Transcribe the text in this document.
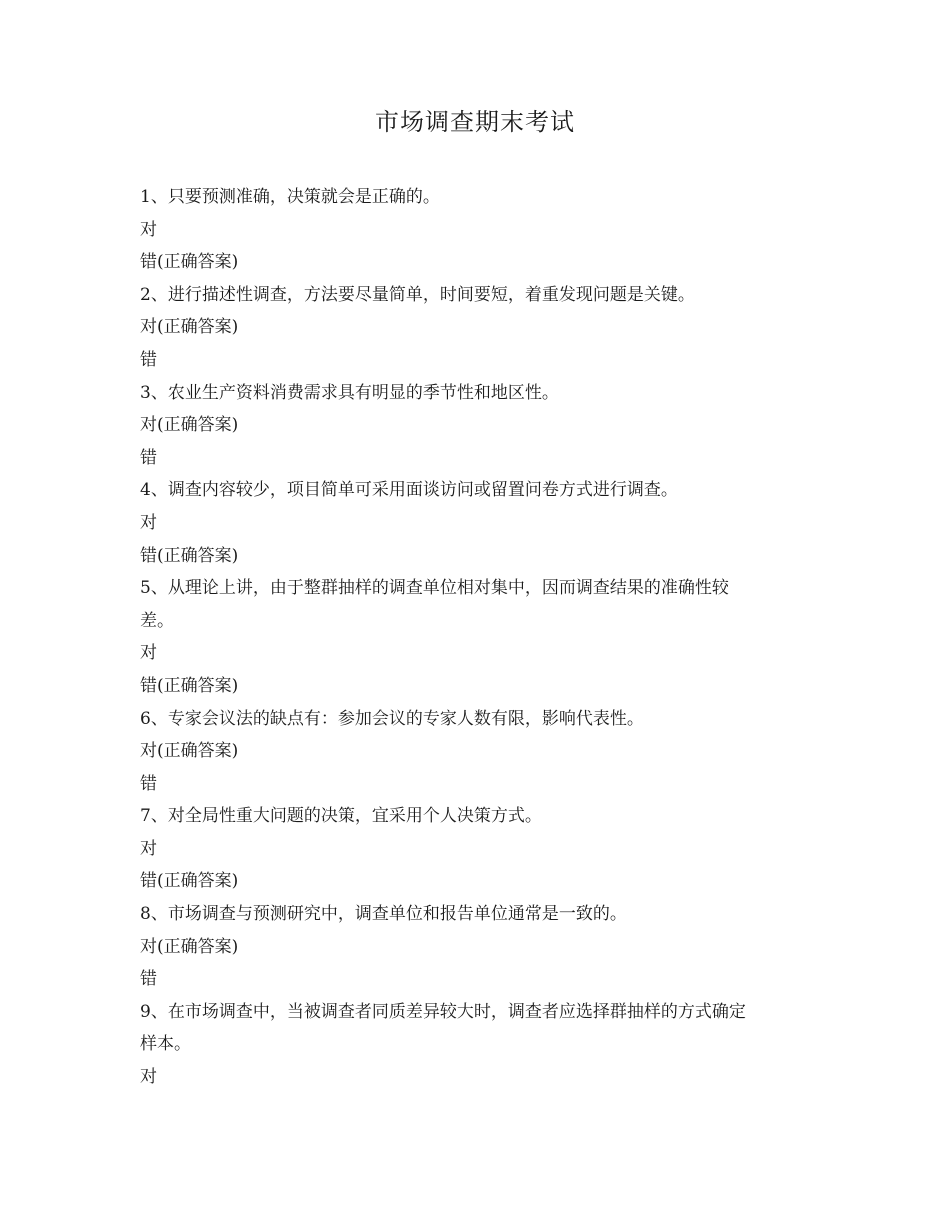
市场调查期末考试
1、只要预测准确，决策就会是正确的。
对
错(正确答案)
2、进行描述性调查，方法要尽量简单，时间要短，着重发现问题是关键。
对(正确答案)
错
3、农业生产资料消费需求具有明显的季节性和地区性。
对(正确答案)
错
4、调查内容较少，项目简单可采用面谈访问或留置问卷方式进行调查。
对
错(正确答案)
5、从理论上讲，由于整群抽样的调查单位相对集中，因而调查结果的准确性较
差。
对
错(正确答案)
6、专家会议法的缺点有：参加会议的专家人数有限，影响代表性。
对(正确答案)
错
7、对全局性重大问题的决策，宜采用个人决策方式。
对
错(正确答案)
8、市场调查与预测研究中，调查单位和报告单位通常是一致的。
对(正确答案)
错
9、在市场调查中，当被调查者同质差异较大时，调查者应选择群抽样的方式确定
样本。
对
